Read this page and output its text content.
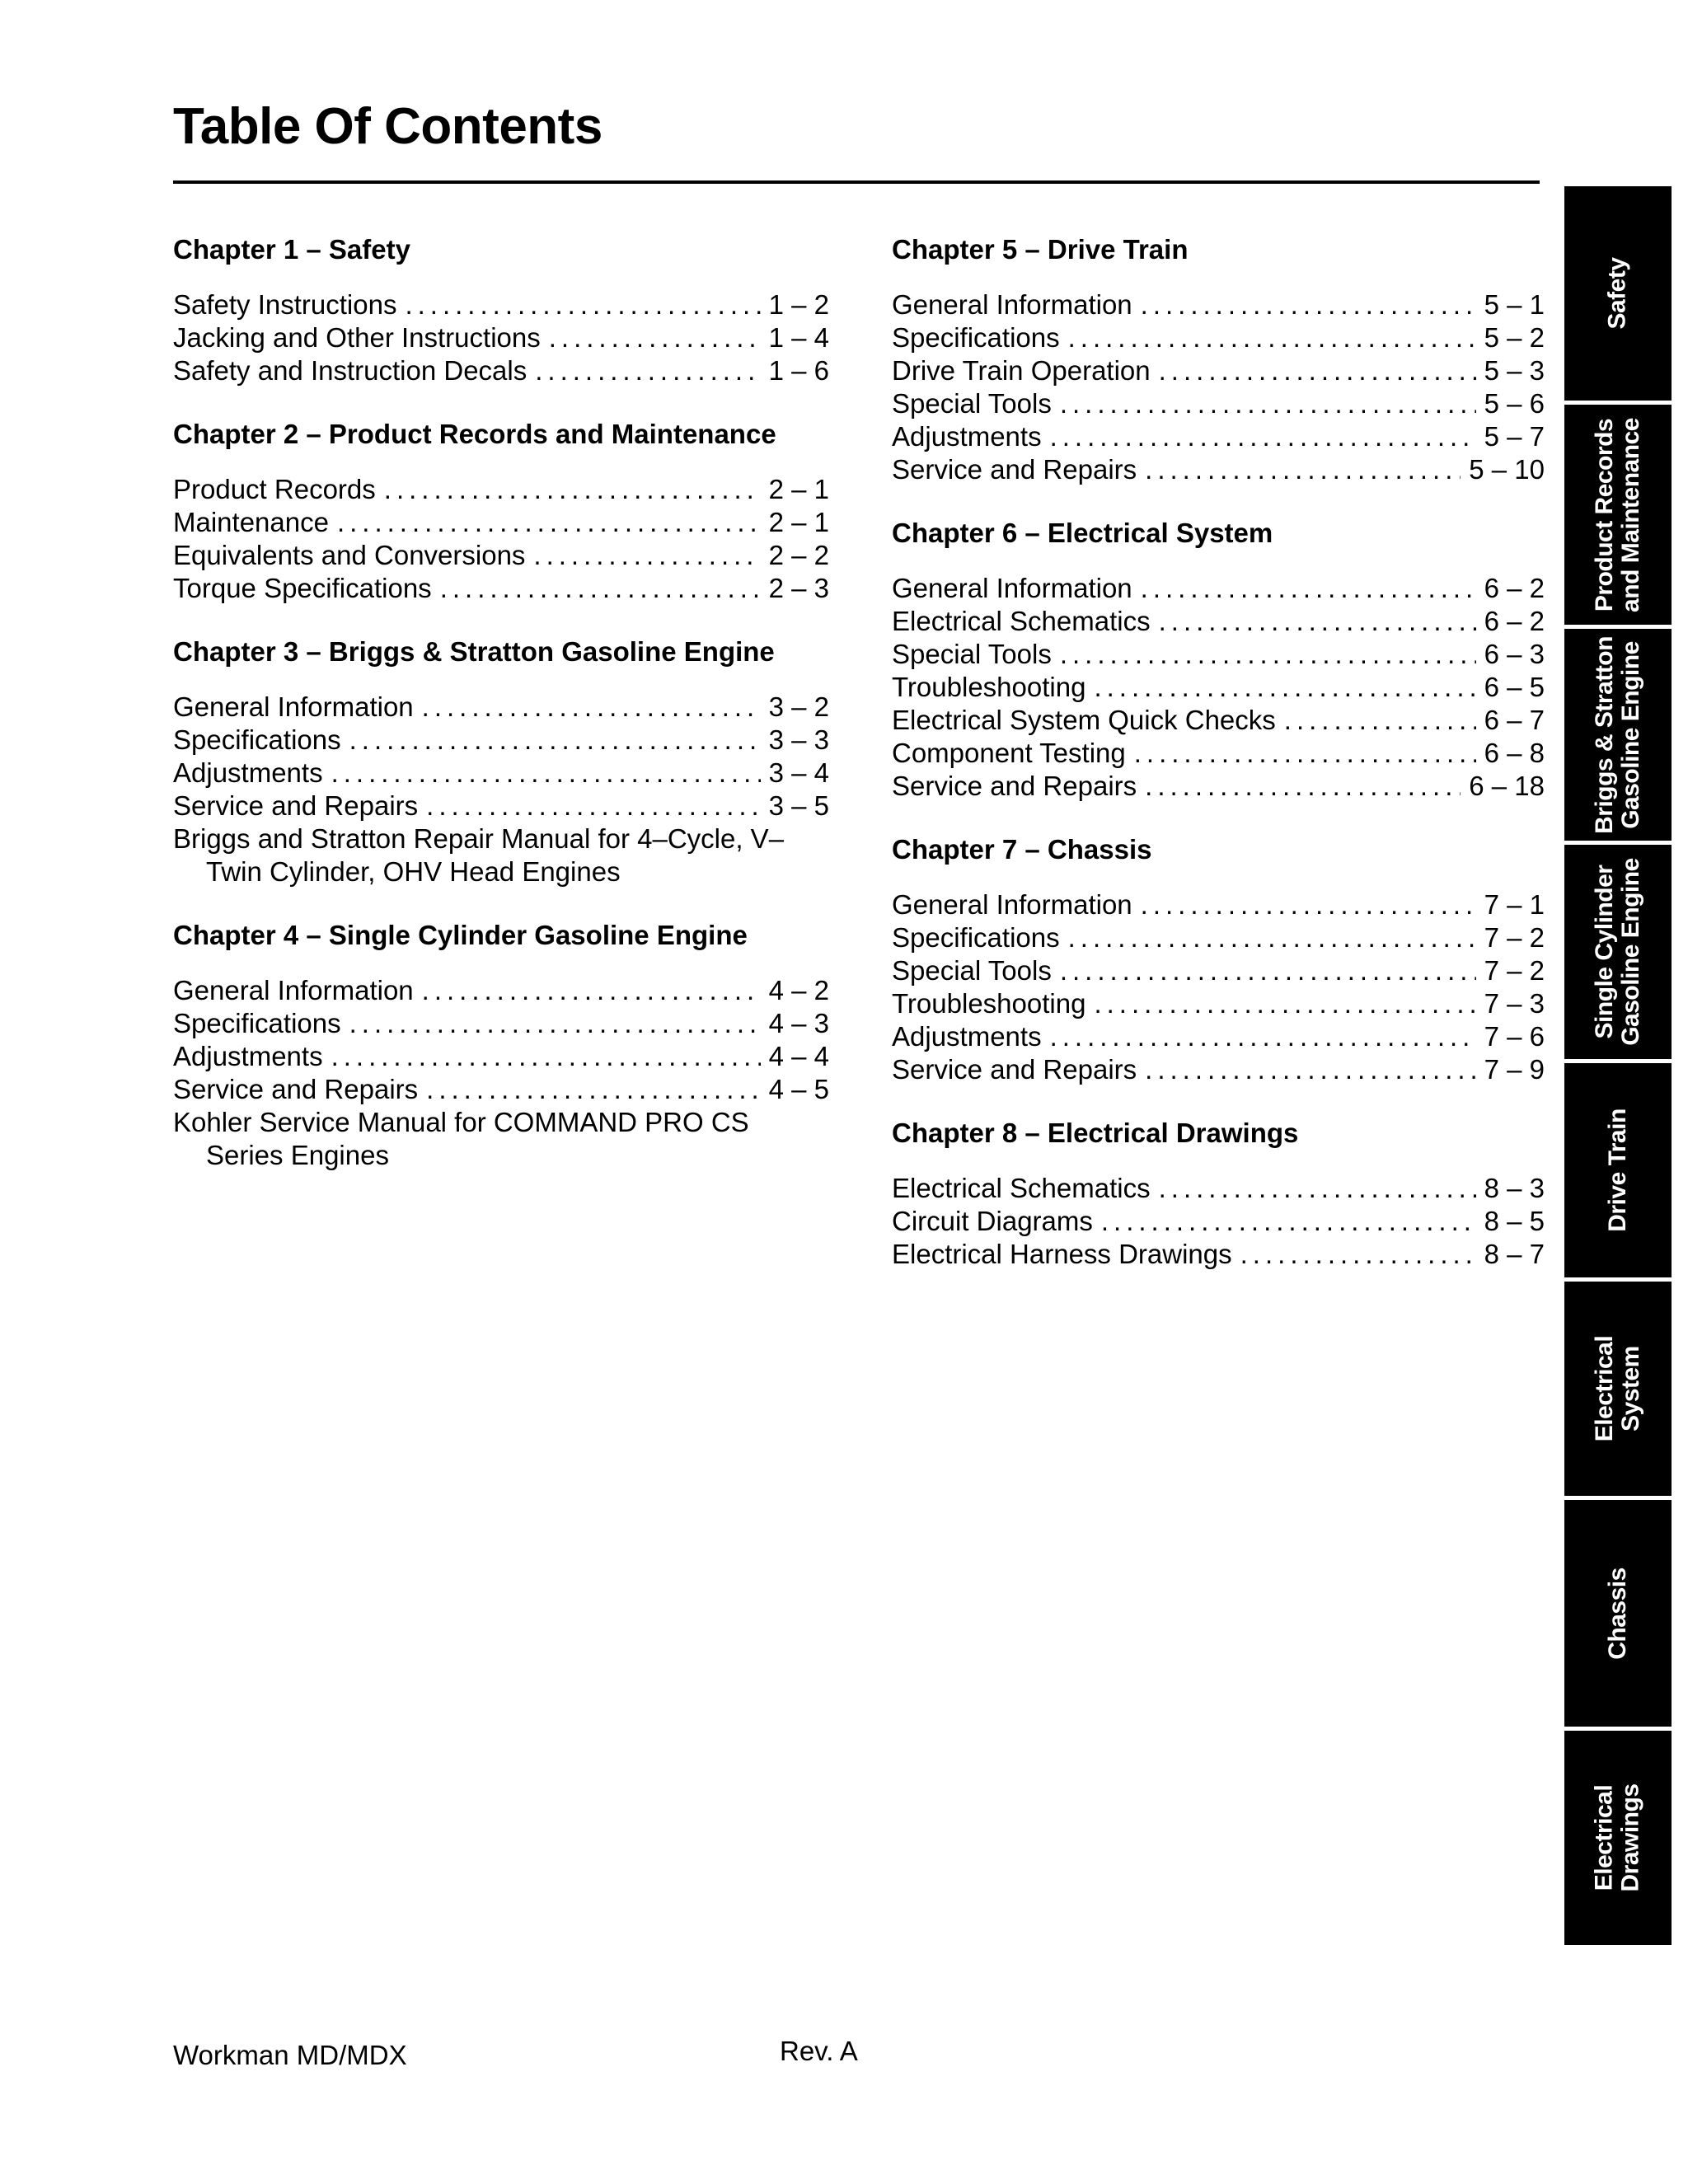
Table Of Contents
Chapter 1 – Safety
Safety Instructions .....	1 – 2
Jacking and Other Instructions .....	1 – 4
Safety and Instruction Decals .....	1 – 6
Chapter 2 – Product Records and Maintenance
Product Records .....	2 – 1
Maintenance .....	2 – 1
Equivalents and Conversions .....	2 – 2
Torque Specifications .....	2 – 3
Chapter 3 – Briggs & Stratton Gasoline Engine
General Information .....	3 – 2
Specifications .....	3 – 3
Adjustments .....	3 – 4
Service and Repairs .....	3 – 5
Briggs and Stratton Repair Manual for 4–Cycle, V–Twin Cylinder, OHV Head Engines
Chapter 4 – Single Cylinder Gasoline Engine
General Information .....	4 – 2
Specifications .....	4 – 3
Adjustments .....	4 – 4
Service and Repairs .....	4 – 5
Kohler Service Manual for COMMAND PRO CS Series Engines
Chapter 5 – Drive Train
General Information .....	5 – 1
Specifications .....	5 – 2
Drive Train Operation .....	5 – 3
Special Tools .....	5 – 6
Adjustments .....	5 – 7
Service and Repairs .....	5 – 10
Chapter 6 – Electrical System
General Information .....	6 – 2
Electrical Schematics .....	6 – 2
Special Tools .....	6 – 3
Troubleshooting .....	6 – 5
Electrical System Quick Checks .....	6 – 7
Component Testing .....	6 – 8
Service and Repairs .....	6 – 18
Chapter 7 – Chassis
General Information .....	7 – 1
Specifications .....	7 – 2
Special Tools .....	7 – 2
Troubleshooting .....	7 – 3
Adjustments .....	7 – 6
Service and Repairs .....	7 – 9
Chapter 8 – Electrical Drawings
Electrical Schematics .....	8 – 3
Circuit Diagrams .....	8 – 5
Electrical Harness Drawings .....	8 – 7
Safety
Product Records
and Maintenance
Briggs & Stratton
Gasoline Engine
Single Cylinder
Gasoline Engine
Drive Train
Electrical
System
Chassis
Electrical
Drawings
Workman MD/MDX	Rev. A
